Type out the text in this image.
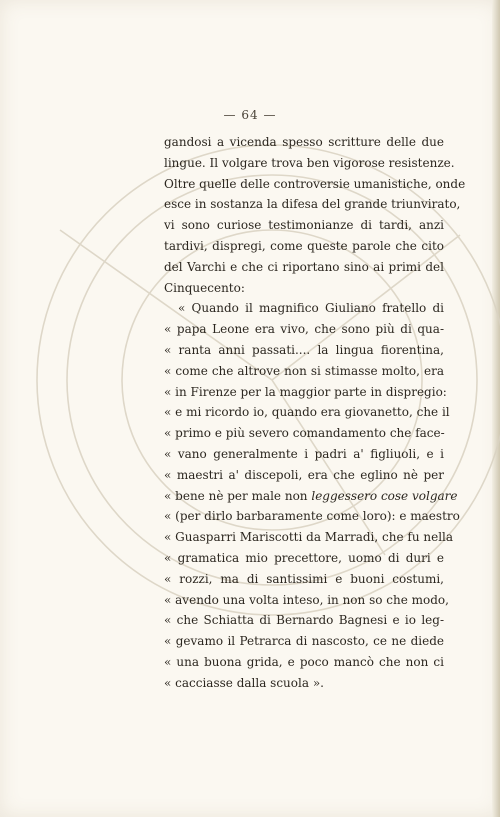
— 64 —
gandosi a vicenda spesso scritture delle due
lingue. Il volgare trova ben vigorose resistenze.
Oltre quelle delle controversie umanistiche, onde
esce in sostanza la difesa del grande triunvirato,
vi sono curiose testimonianze di tardi, anzi
tardivi, dispregi, come queste parole che cito
del Varchi e che ci riportano sino ai primi del
Cinquecento:
« Quando il magnifico Giuliano fratello di
« papa Leone era vivo, che sono più di qua-
« ranta anni passati.... la lingua fiorentina,
« come che altrove non si stimasse molto, era
« in Firenze per la maggior parte in dispregio:
« e mi ricordo io, quando era giovanetto, che il
« primo e più severo comandamento che face-
« vano generalmente i padri a' figliuoli, e i
« maestri a' discepoli, era che eglino nè per
« bene nè per male non leggessero cose volgare
« (per dirlo barbaramente come loro): e maestro
« Guasparri Mariscotti da Marradi, che fu nella
« gramatica mio precettore, uomo di duri e
« rozzi, ma di santissimi e buoni costumi,
« avendo una volta inteso, in non so che modo,
« che Schiatta di Bernardo Bagnesi e io leg-
« gevamo il Petrarca di nascosto, ce ne diede
« una buona grida, e poco mancò che non ci
« cacciasse dalla scuola ».
